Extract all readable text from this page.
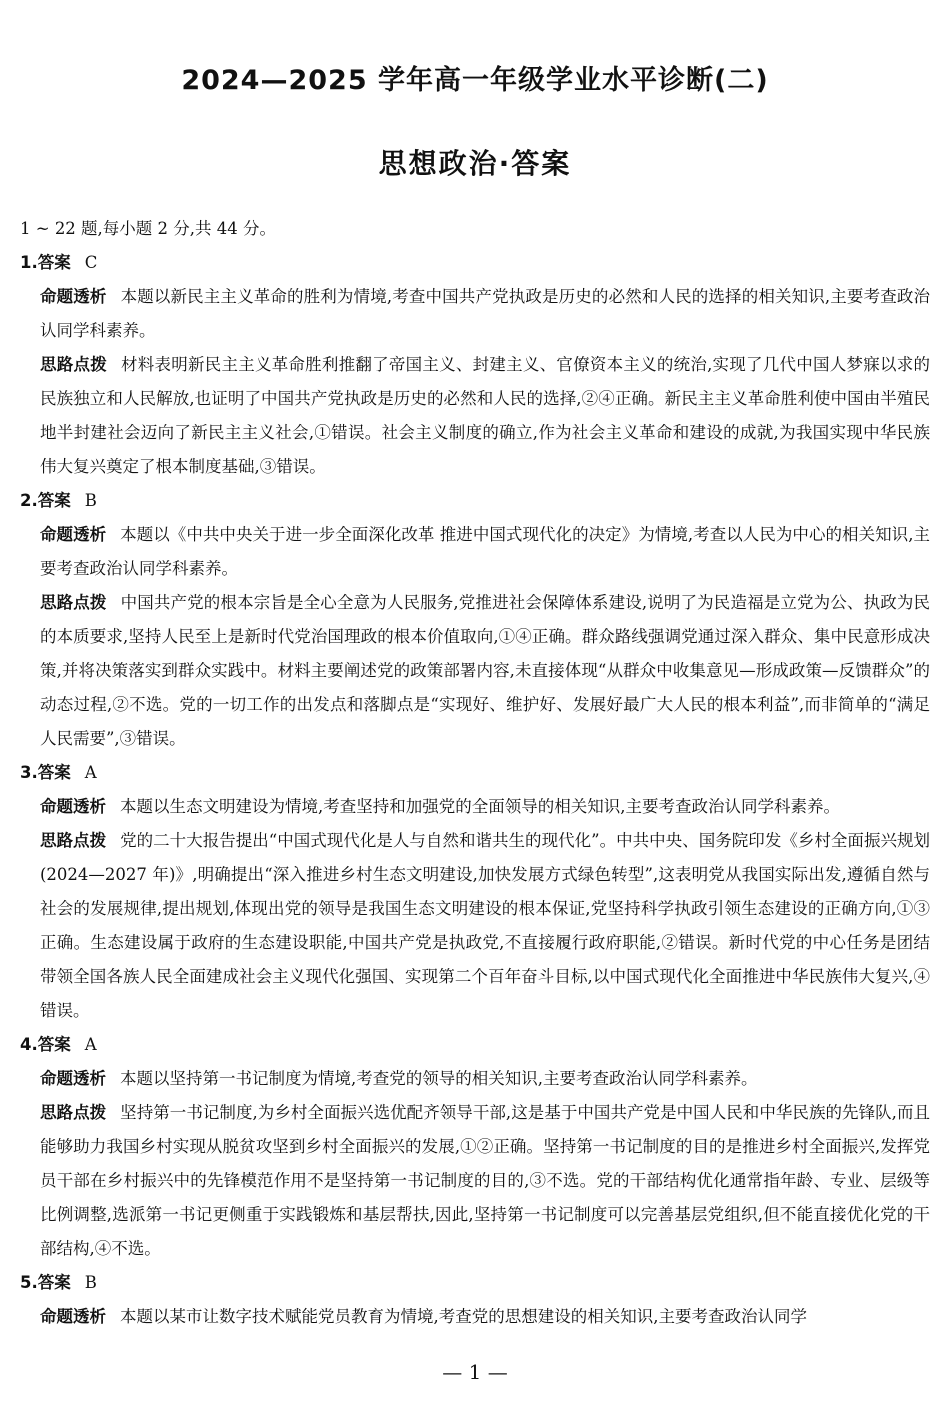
2024—2025 学年高一年级学业水平诊断(二)
思想政治·答案

1 ~ 22 题,每小题 2 分,共 44 分。

1.答案 C

命题透析 本题以新民主主义革命的胜利为情境,考查中国共产党执政是历史的必然和人民的选择的相关知识,主要考查政治认同学科素养。

思路点拨 材料表明新民主主义革命胜利推翻了帝国主义、封建主义、官僚资本主义的统治,实现了几代中国人梦寐以求的民族独立和人民解放,也证明了中国共产党执政是历史的必然和人民的选择,②④正确。新民主主义革命胜利使中国由半殖民地半封建社会迈向了新民主主义社会,①错误。社会主义制度的确立,作为社会主义革命和建设的成就,为我国实现中华民族伟大复兴奠定了根本制度基础,③错误。

2.答案 B

命题透析 本题以《中共中央关于进一步全面深化改革 推进中国式现代化的决定》为情境,考查以人民为中心的相关知识,主要考查政治认同学科素养。

思路点拨 中国共产党的根本宗旨是全心全意为人民服务,党推进社会保障体系建设,说明了为民造福是立党为公、执政为民的本质要求,坚持人民至上是新时代党治国理政的根本价值取向,①④正确。群众路线强调党通过深入群众、集中民意形成决策,并将决策落实到群众实践中。材料主要阐述党的政策部署内容,未直接体现“从群众中收集意见—形成政策—反馈群众”的动态过程,②不选。党的一切工作的出发点和落脚点是“实现好、维护好、发展好最广大人民的根本利益”,而非简单的“满足人民需要”,③错误。

3.答案 A

命题透析 本题以生态文明建设为情境,考查坚持和加强党的全面领导的相关知识,主要考查政治认同学科素养。

思路点拨 党的二十大报告提出“中国式现代化是人与自然和谐共生的现代化”。中共中央、国务院印发《乡村全面振兴规划(2024—2027 年)》,明确提出“深入推进乡村生态文明建设,加快发展方式绿色转型”,这表明党从我国实际出发,遵循自然与社会的发展规律,提出规划,体现出党的领导是我国生态文明建设的根本保证,党坚持科学执政引领生态建设的正确方向,①③正确。生态建设属于政府的生态建设职能,中国共产党是执政党,不直接履行政府职能,②错误。新时代党的中心任务是团结带领全国各族人民全面建成社会主义现代化强国、实现第二个百年奋斗目标,以中国式现代化全面推进中华民族伟大复兴,④错误。

4.答案 A

命题透析 本题以坚持第一书记制度为情境,考查党的领导的相关知识,主要考查政治认同学科素养。

思路点拨 坚持第一书记制度,为乡村全面振兴选优配齐领导干部,这是基于中国共产党是中国人民和中华民族的先锋队,而且能够助力我国乡村实现从脱贫攻坚到乡村全面振兴的发展,①②正确。坚持第一书记制度的目的是推进乡村全面振兴,发挥党员干部在乡村振兴中的先锋模范作用不是坚持第一书记制度的目的,③不选。党的干部结构优化通常指年龄、专业、层级等比例调整,选派第一书记更侧重于实践锻炼和基层帮扶,因此,坚持第一书记制度可以完善基层党组织,但不能直接优化党的干部结构,④不选。

5.答案 B

命题透析 本题以某市让数字技术赋能党员教育为情境,考查党的思想建设的相关知识,主要考查政治认同学

— 1 —
